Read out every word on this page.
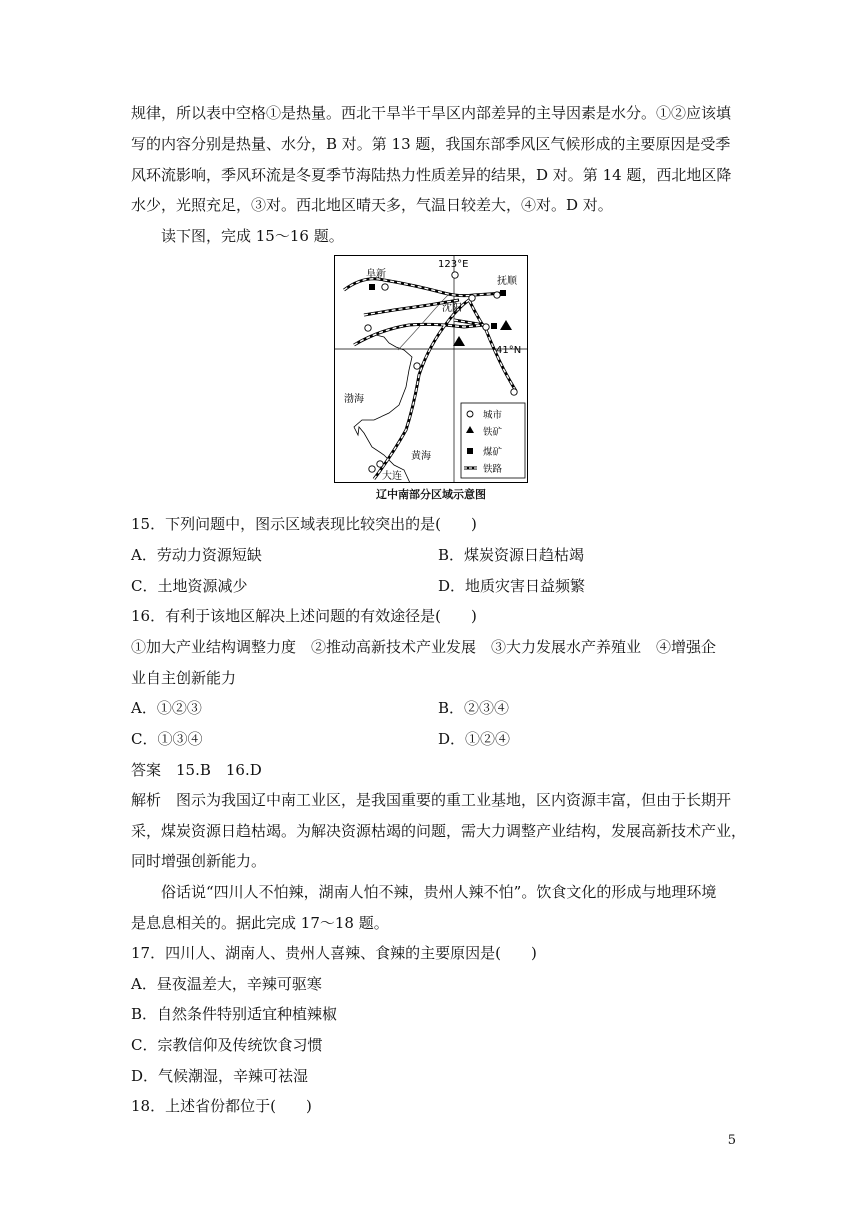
规律，所以表中空格①是热量。西北干旱半干旱区内部差异的主导因素是水分。①②应该填
写的内容分别是热量、水分，B 对。第 13 题，我国东部季风区气候形成的主要原因是受季
风环流影响，季风环流是冬夏季节海陆热力性质差异的结果，D 对。第 14 题，西北地区降
水少，光照充足，③对。西北地区晴天多，气温日较差大，④对。D 对。
读下图，完成 15～16 题。
123°E
阜新
抚顺
沈阳
41°N
渤海
黄海
大连
城市
铁矿
煤矿
铁路
辽中南部分区域示意图
15．下列问题中，图示区域表现比较突出的是(　　)
A．劳动力资源短缺	B．煤炭资源日趋枯竭
C．土地资源减少	D．地质灾害日益频繁
16．有利于该地区解决上述问题的有效途径是(　　)
①加大产业结构调整力度　②推动高新技术产业发展　③大力发展水产养殖业　④增强企
业自主创新能力
A．①②③	B．②③④
C．①③④	D．①②④
答案　15.B　16.D
解析　图示为我国辽中南工业区，是我国重要的重工业基地，区内资源丰富，但由于长期开
采，煤炭资源日趋枯竭。为解决资源枯竭的问题，需大力调整产业结构，发展高新技术产业，
同时增强创新能力。
俗话说“四川人不怕辣，湖南人怕不辣，贵州人辣不怕”。饮食文化的形成与地理环境
是息息相关的。据此完成 17～18 题。
17．四川人、湖南人、贵州人喜辣、食辣的主要原因是(　　)
A．昼夜温差大，辛辣可驱寒
B．自然条件特别适宜种植辣椒
C．宗教信仰及传统饮食习惯
D．气候潮湿，辛辣可祛湿
18．上述省份都位于(　　)
5
